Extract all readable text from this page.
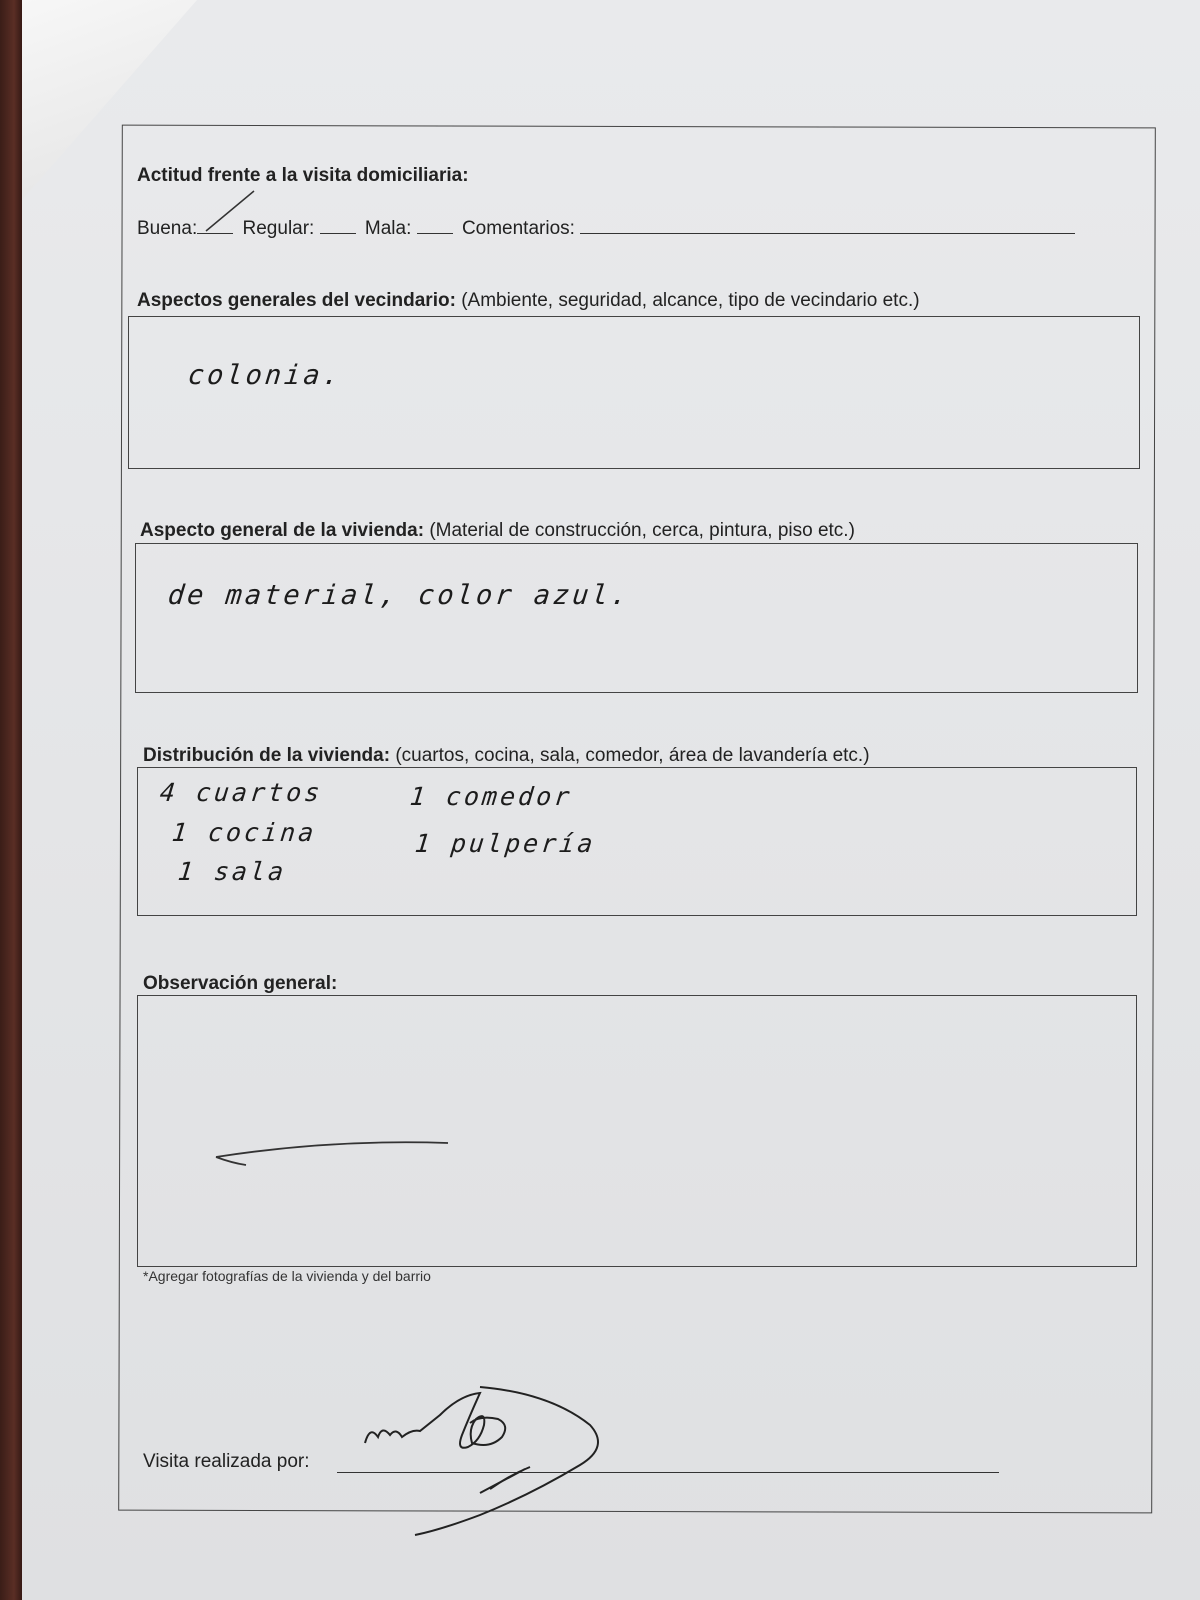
Actitud frente a la visita domiciliaria:
Buena: Regular:	Mala:	Comentarios:
Aspectos generales del vecindario: (Ambiente, seguridad, alcance, tipo de vecindario etc.)
colonia.
Aspecto general de la vivienda: (Material de construcción, cerca, pintura, piso etc.)
de material, color azul.
Distribución de la vivienda: (cuartos, cocina, sala, comedor, área de lavandería etc.)
4 cuartos
1 cocina
1 sala
1 comedor
1 pulpería
Observación general:
*Agregar fotografías de la vivienda y del barrio
Visita realizada por:
